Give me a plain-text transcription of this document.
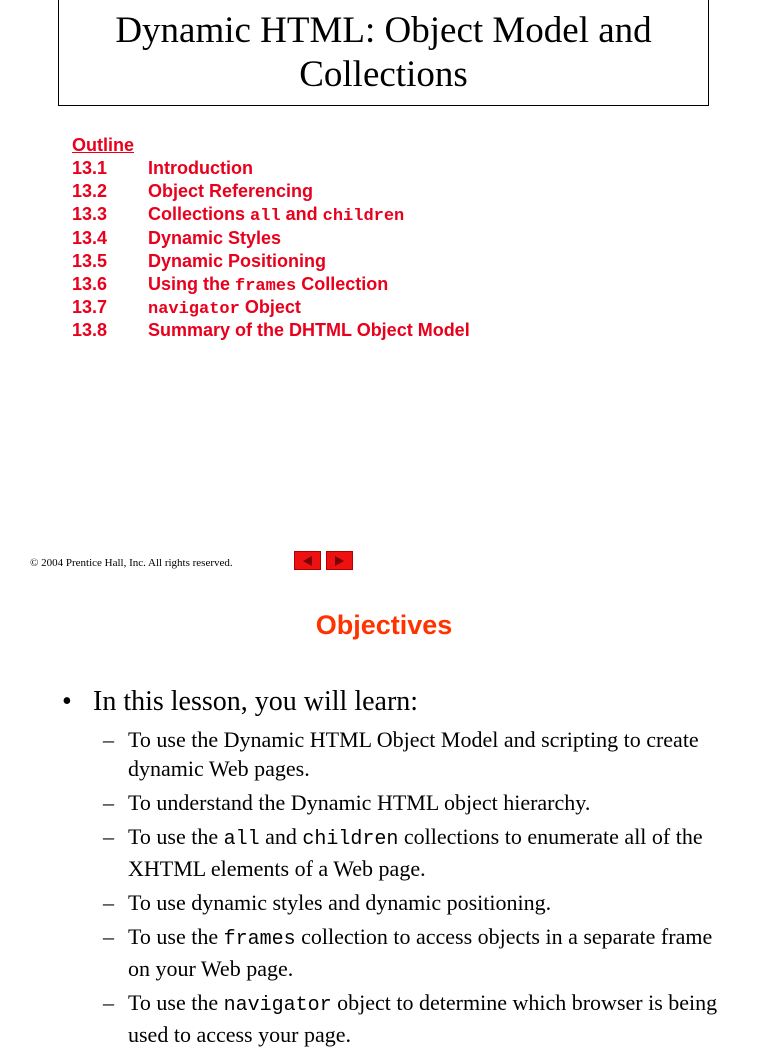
Dynamic HTML: Object Model and Collections
Outline
13.1 Introduction
13.2 Object Referencing
13.3 Collections all and children
13.4 Dynamic Styles
13.5 Dynamic Positioning
13.6 Using the frames Collection
13.7 navigator Object
13.8 Summary of the DHTML Object Model
© 2004 Prentice Hall, Inc. All rights reserved.
Objectives
• In this lesson, you will learn:
– To use the Dynamic HTML Object Model and scripting to create dynamic Web pages.
– To understand the Dynamic HTML object hierarchy.
– To use the all and children collections to enumerate all of the XHTML elements of a Web page.
– To use dynamic styles and dynamic positioning.
– To use the frames collection to access objects in a separate frame on your Web page.
– To use the navigator object to determine which browser is being used to access your page.
